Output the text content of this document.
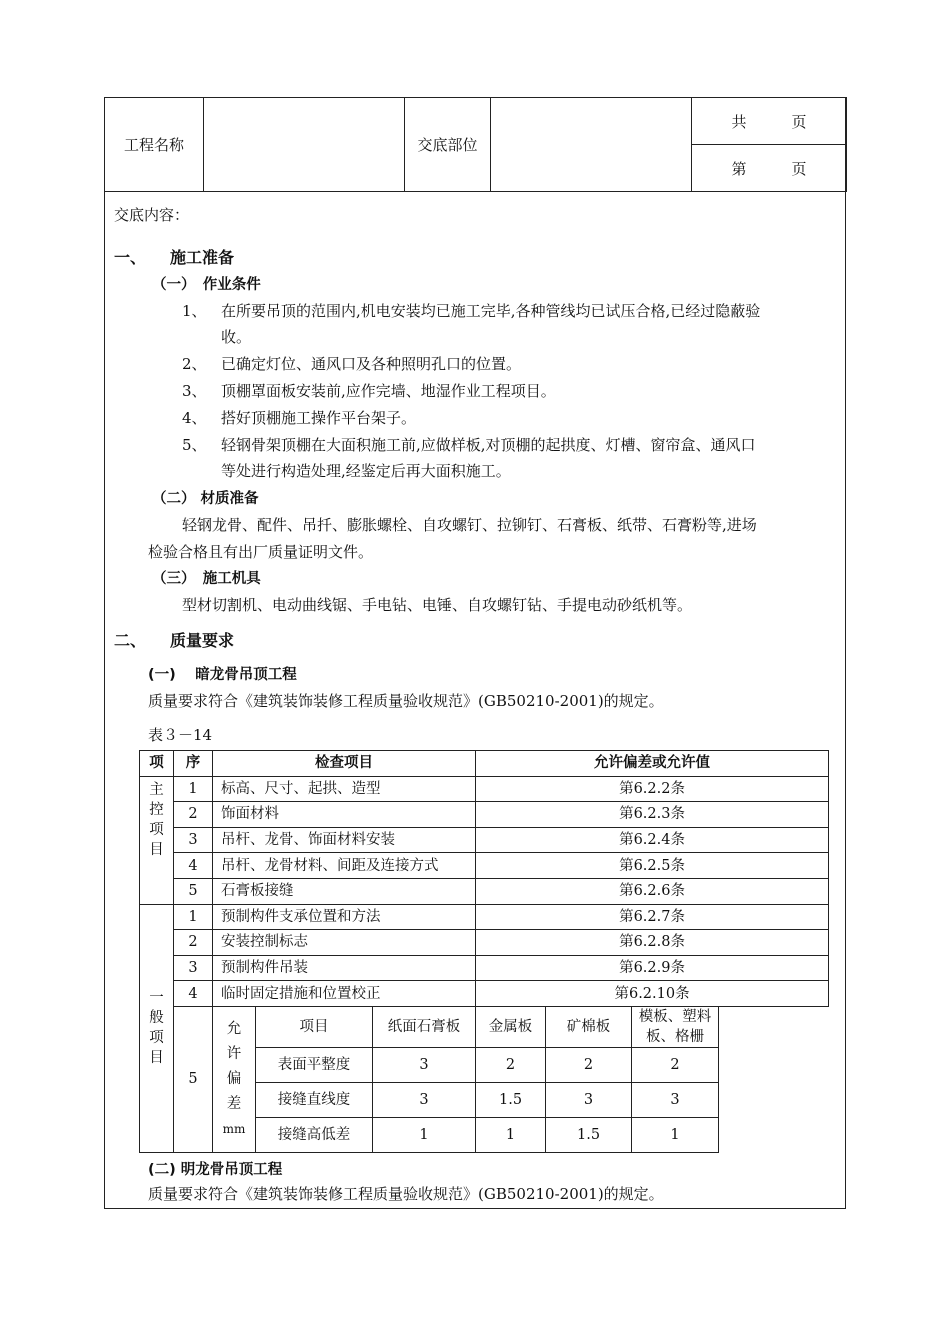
工程名称		交底部位		共　　　页
第　　　页
交底内容：
一、　　施工准备
（一）　作业条件
1、 在所要吊顶的范围内,机电安装均已施工完毕,各种管线均已试压合格,已经过隐蔽验
收。
2、 已确定灯位、通风口及各种照明孔口的位置。
3、 顶棚罩面板安装前,应作完墙、地湿作业工程项目。
4、 搭好顶棚施工操作平台架子。
5、 轻钢骨架顶棚在大面积施工前,应做样板,对顶棚的起拱度、灯槽、窗帘盒、通风口
等处进行构造处理,经鉴定后再大面积施工。
（二） 材质准备
轻钢龙骨、配件、吊扦、膨胀螺栓、自攻螺钉、拉铆钉、石膏板、纸带、石膏粉等,进场
检验合格且有出厂质量证明文件。
（三）　施工机具
型材切割机、电动曲线锯、手电钻、电锤、自攻螺钉钻、手提电动砂纸机等。
二、　　质量要求
(一)　 暗龙骨吊顶工程
质量要求符合《建筑装饰装修工程质量验收规范》(GB50210-2001)的规定。
表３－14
项	序	检查项目			允许偏差或允许值		

主控项目	1	标高、尺寸、起拱、造型			第6.2.2条		
	2	饰面材料			第6.2.3条		
	3	吊杆、龙骨、饰面材料安装			第6.2.4条		
	4	吊杆、龙骨材料、间距及连接方式			第6.2.5条		
	5	石膏板接缝			第6.2.6条		

一般项目	1	预制构件支承位置和方法			第6.2.7条		
	2	安装控制标志			第6.2.8条		
	3	预制构件吊装			第6.2.9条		
	4	临时固定措施和位置校正			第6.2.10条		
	5	允
许
偏
差
mm	项目	纸面石膏板	金属板	矿棉板	模板、塑料板、格栅
			表面平整度	3	2	2	2
			接缝直线度	3	1.5	3	3
			接缝高低差	1	1	1.5	1
(二) 明龙骨吊顶工程
质量要求符合《建筑装饰装修工程质量验收规范》(GB50210-2001)的规定。
